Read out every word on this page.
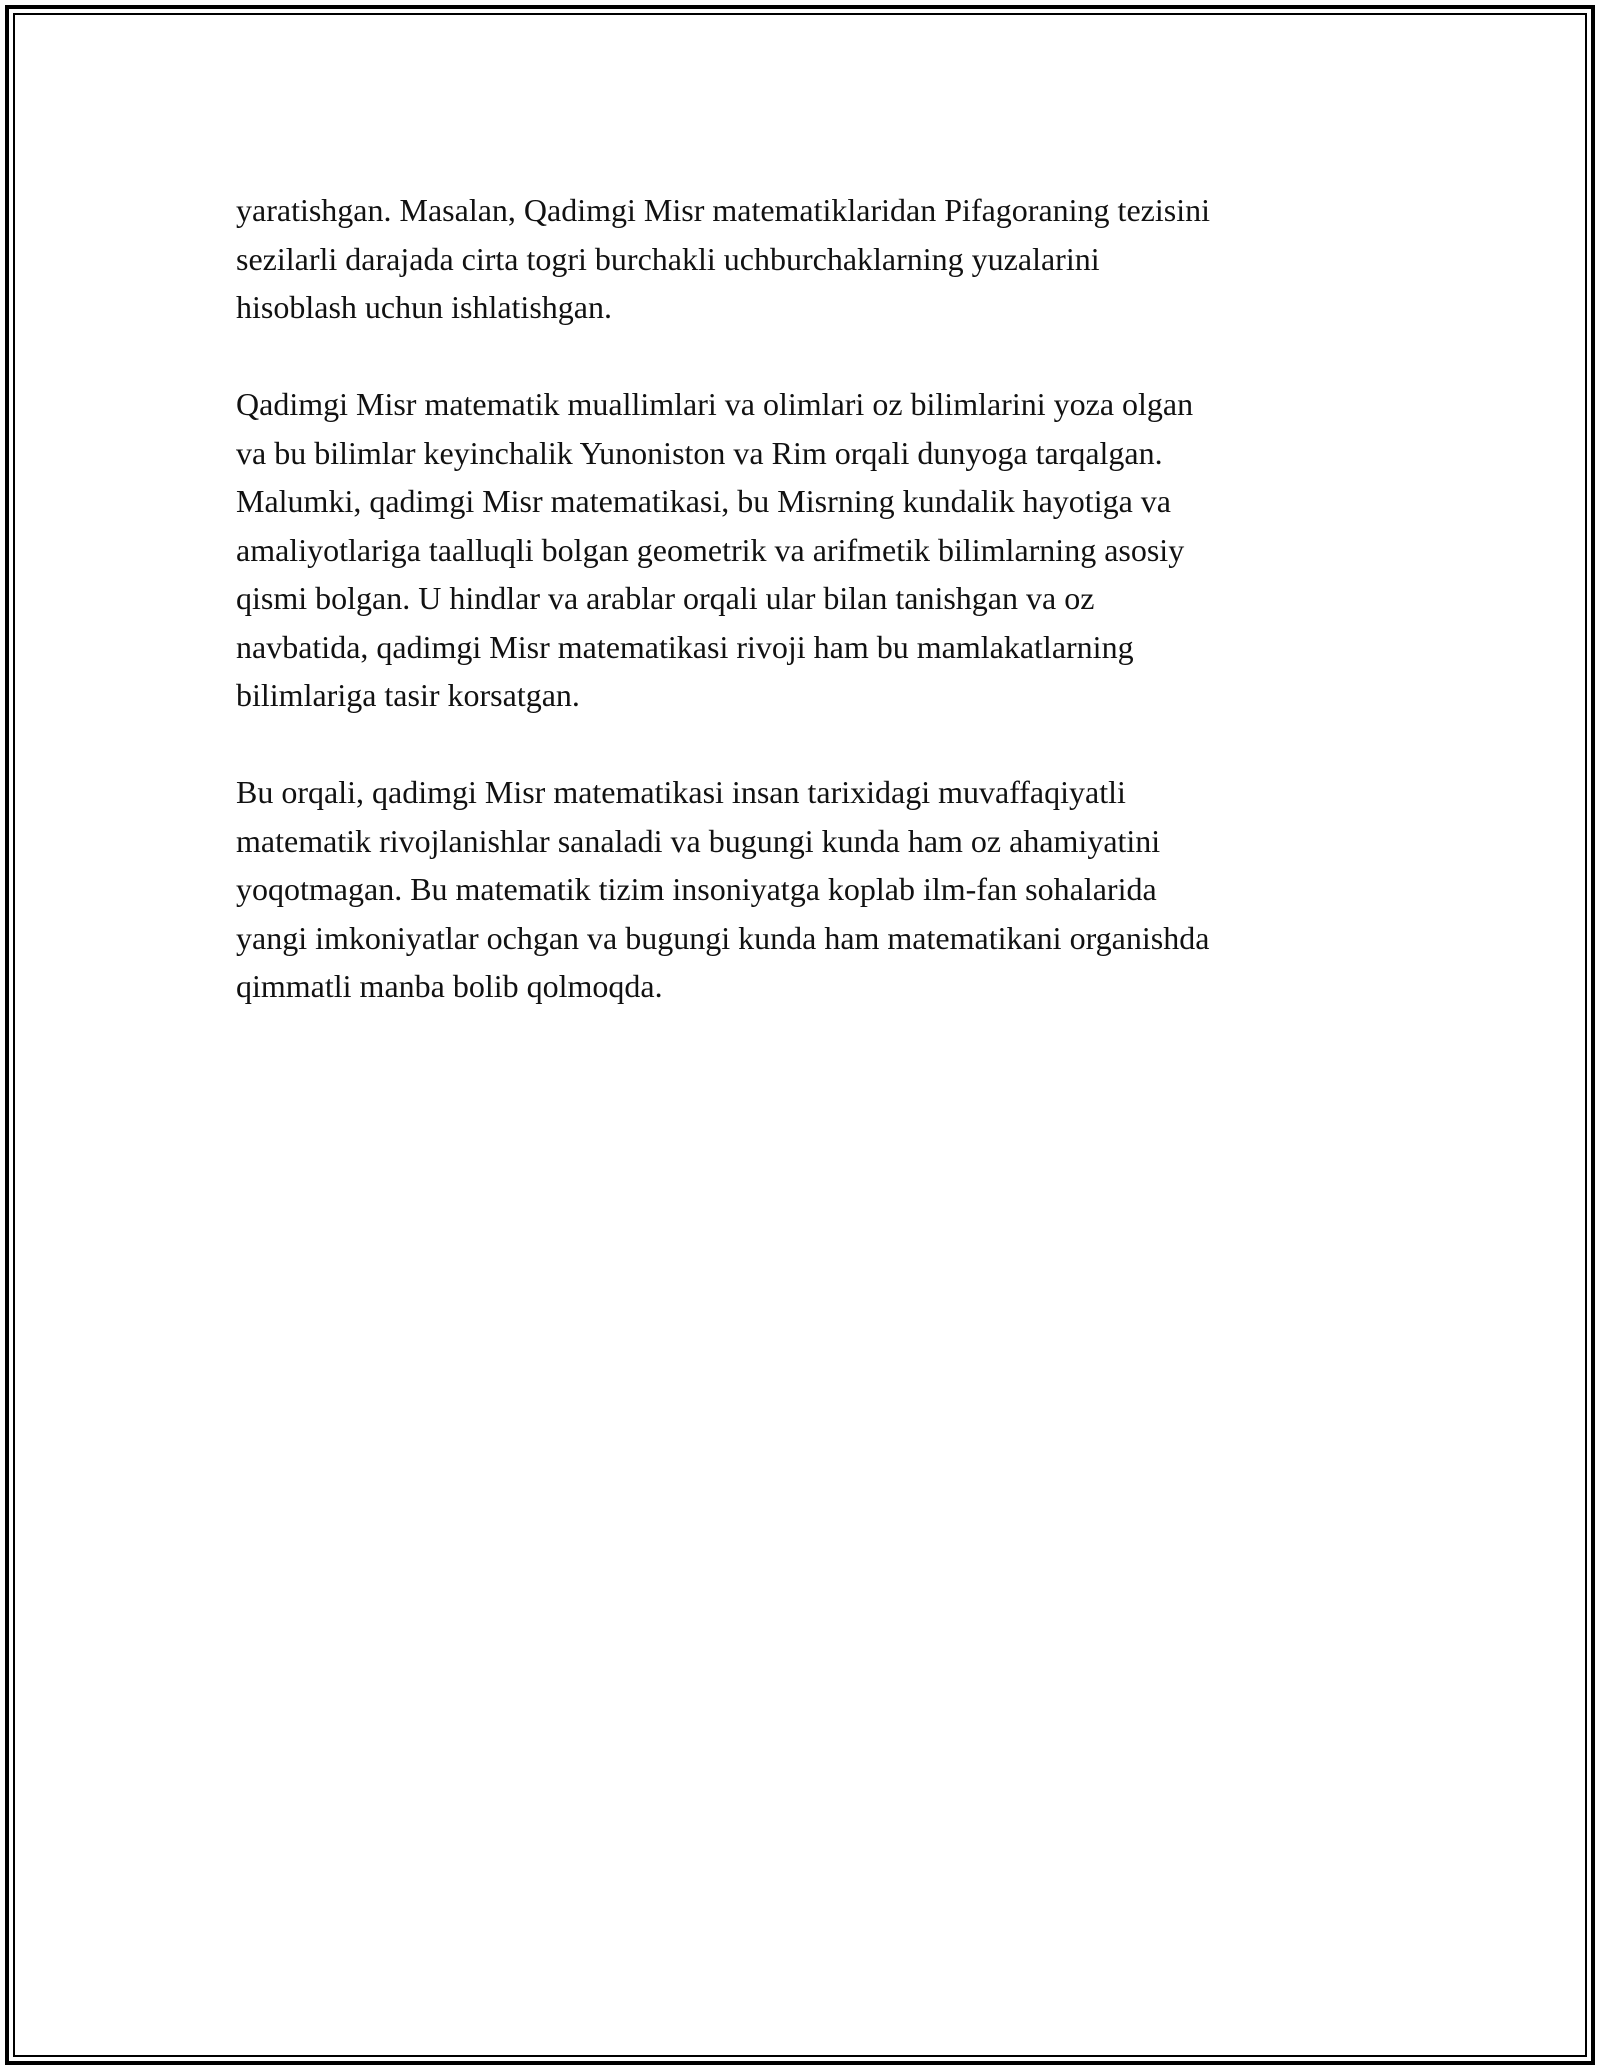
yaratishgan. Masalan, Qadimgi Misr matematiklaridan Pifagoraning tezisini
sezilarli darajada cirta togri burchakli uchburchaklarning yuzalarini
hisoblash uchun ishlatishgan.

Qadimgi Misr matematik muallimlari va olimlari oz bilimlarini yoza olgan
va bu bilimlar keyinchalik Yunoniston va Rim orqali dunyoga tarqalgan.
Malumki, qadimgi Misr matematikasi, bu Misrning kundalik hayotiga va
amaliyotlariga taalluqli bolgan geometrik va arifmetik bilimlarning asosiy
qismi bolgan. U hindlar va arablar orqali ular bilan tanishgan va oz
navbatida, qadimgi Misr matematikasi rivoji ham bu mamlakatlarning
bilimlariga tasir korsatgan.

Bu orqali, qadimgi Misr matematikasi insan tarixidagi muvaffaqiyatli
matematik rivojlanishlar sanaladi va bugungi kunda ham oz ahamiyatini
yoqotmagan. Bu matematik tizim insoniyatga koplab ilm-fan sohalarida
yangi imkoniyatlar ochgan va bugungi kunda ham matematikani organishda
qimmatli manba bolib qolmoqda.
